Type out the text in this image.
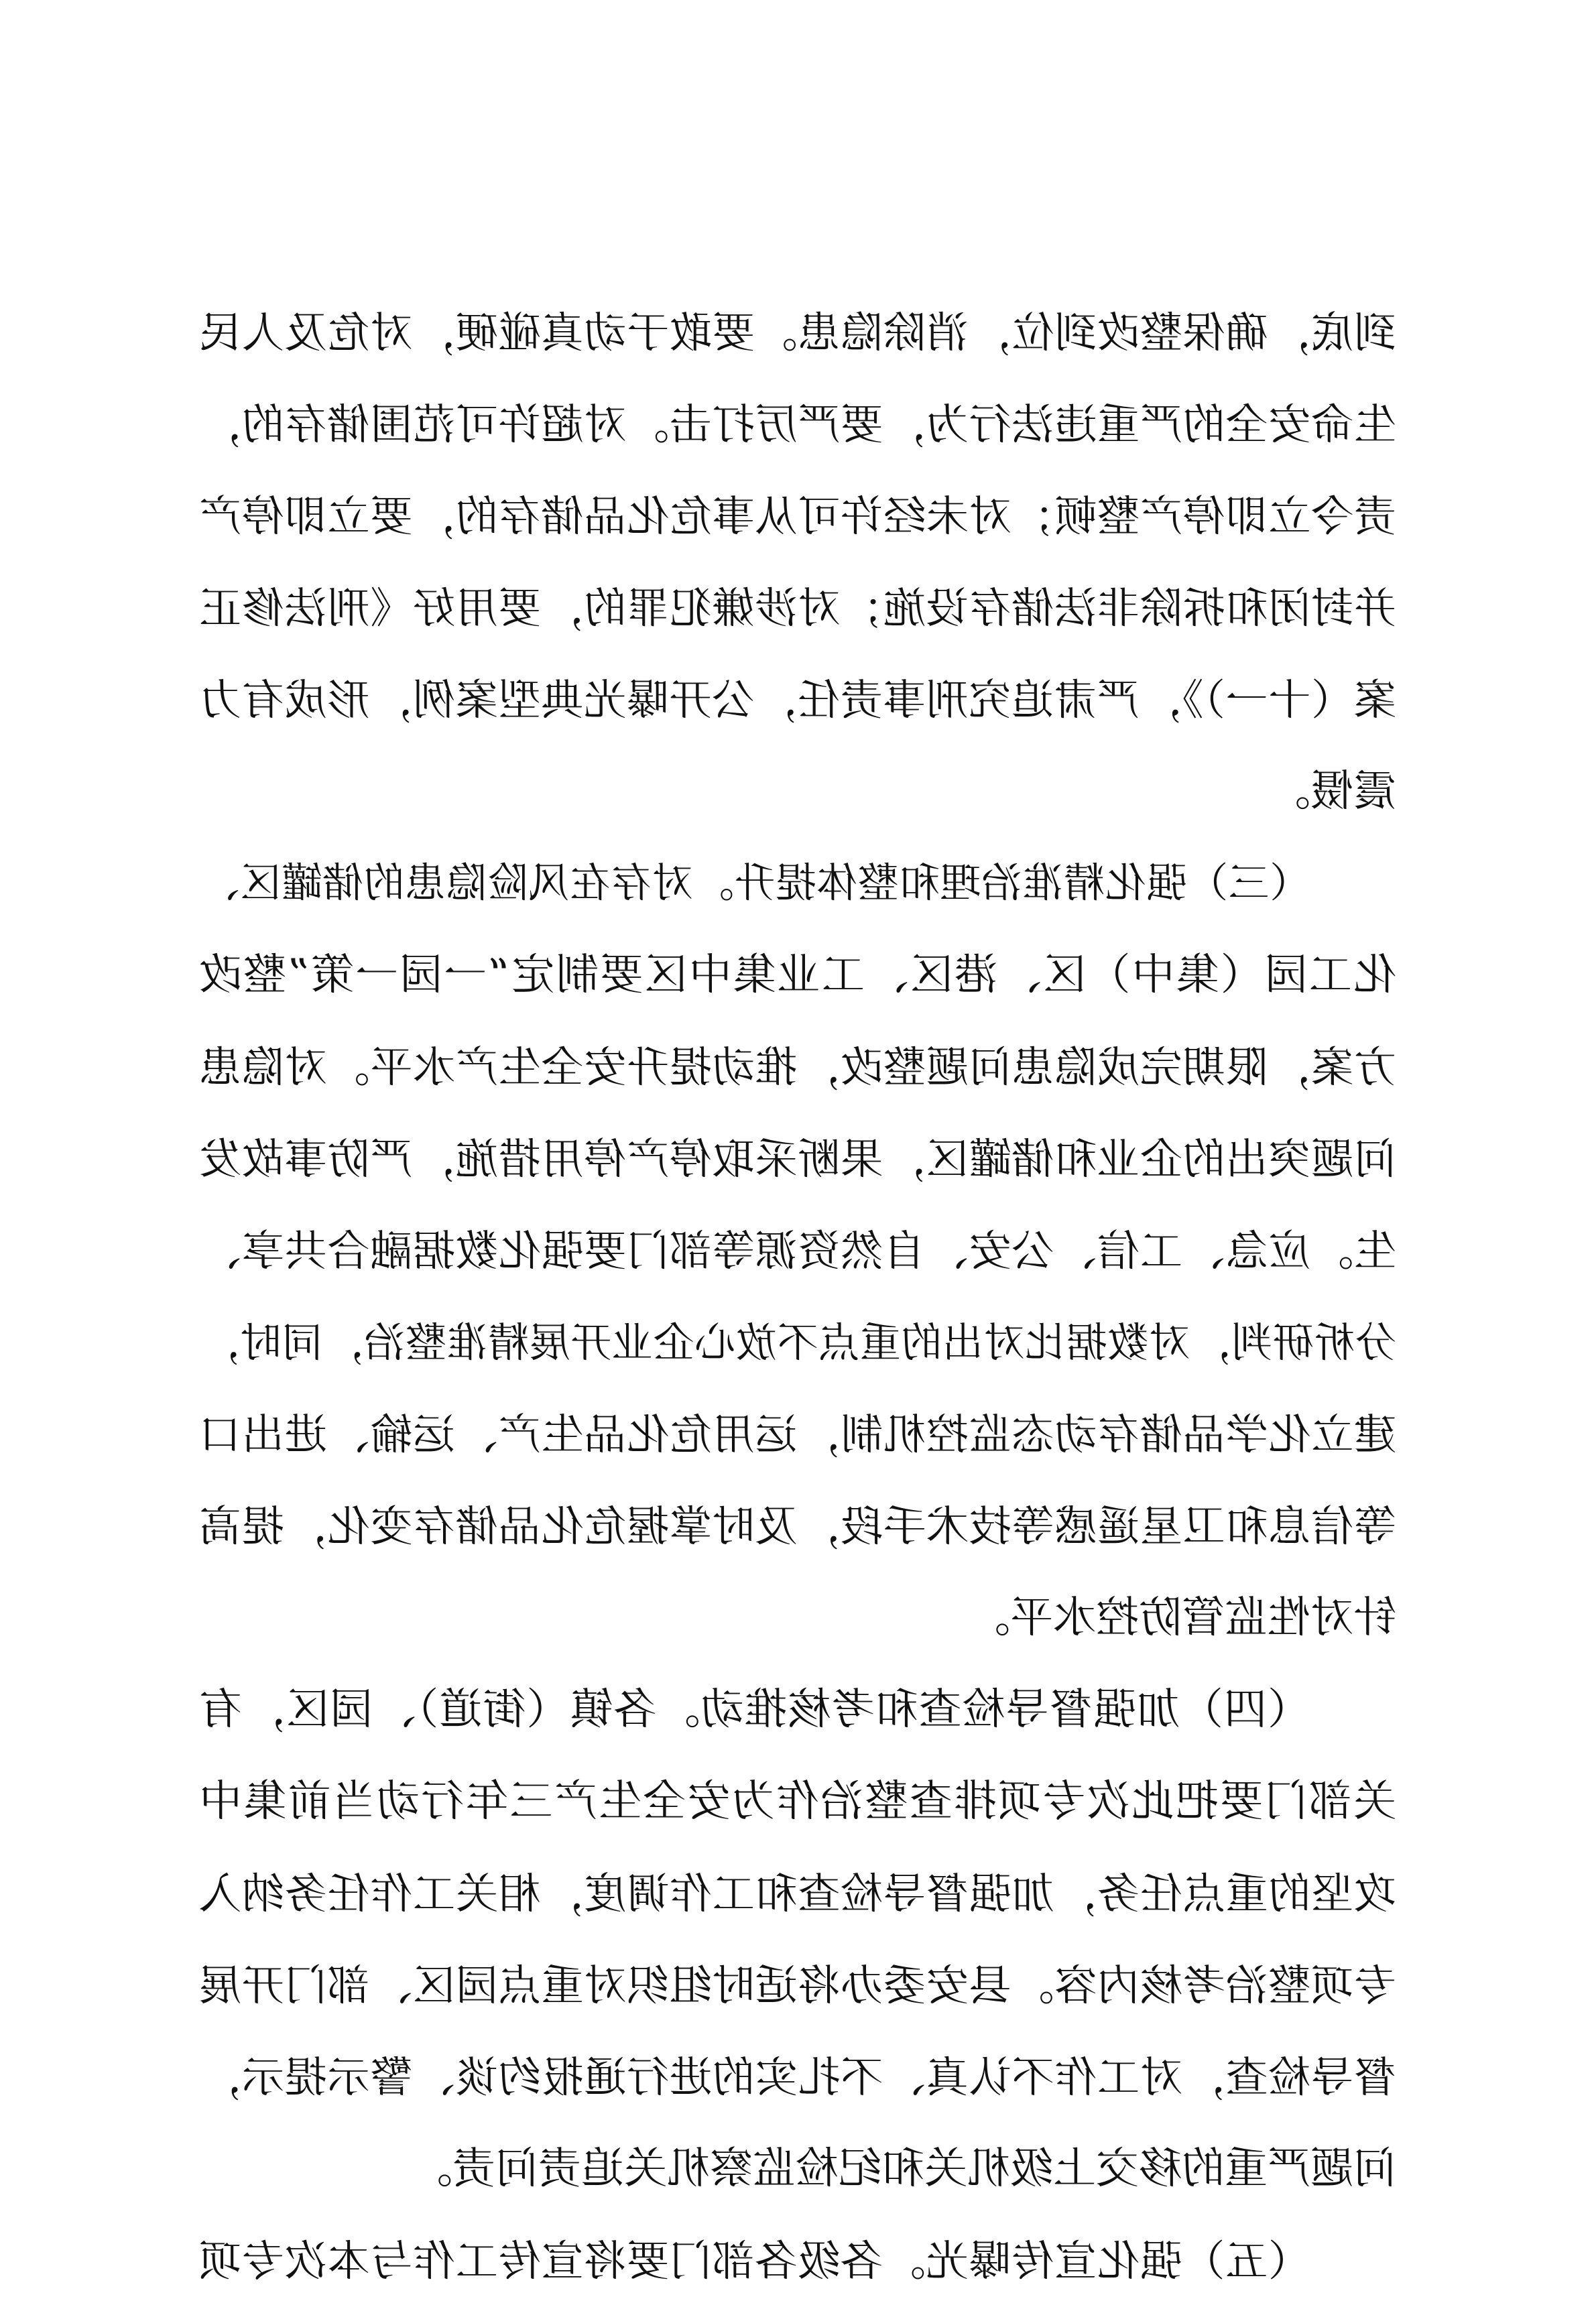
到底，确保整改到位，消除隐患。要敢于动真碰硬，对危及人民
生命安全的严重违法行为，要严厉打击。对超许可范围储存的，
责令立即停产整顿；对未经许可从事危化品储存的，要立即停产
并封闭和拆除非法储存设施；对涉嫌犯罪的，要用好《刑法修正
案（十一）》，严肃追究刑事责任，公开曝光典型案例，形成有力
震慑。
（三）强化精准治理和整体提升。对存在风险隐患的储罐区、
化工园（集中）区、港区、工业集中区要制定“一园一策”整改
方案，限期完成隐患问题整改，推动提升安全生产水平。对隐患
问题突出的企业和储罐区，果断采取停产停用措施，严防事故发
生。应急、工信、公安、自然资源等部门要强化数据融合共享、
分析研判，对数据比对出的重点不放心企业开展精准整治，同时，
建立化学品储存动态监控机制，运用危化品生产、运输、进出口
等信息和卫星遥感等技术手段，及时掌握危化品储存变化，提高
针对性监管防控水平。
（四）加强督导检查和考核推动。各镇（街道）、园区，有
关部门要把此次专项排查整治作为安全生产三年行动当前集中
攻坚的重点任务，加强督导检查和工作调度，相关工作任务纳入
专项整治考核内容。县安委办将适时组织对重点园区、部门开展
督导检查，对工作不认真、不扎实的进行通报约谈、警示提示，
问题严重的移交上级机关和纪检监察机关追责问责。
（五）强化宣传曝光。各级各部门要将宣传工作与本次专项
